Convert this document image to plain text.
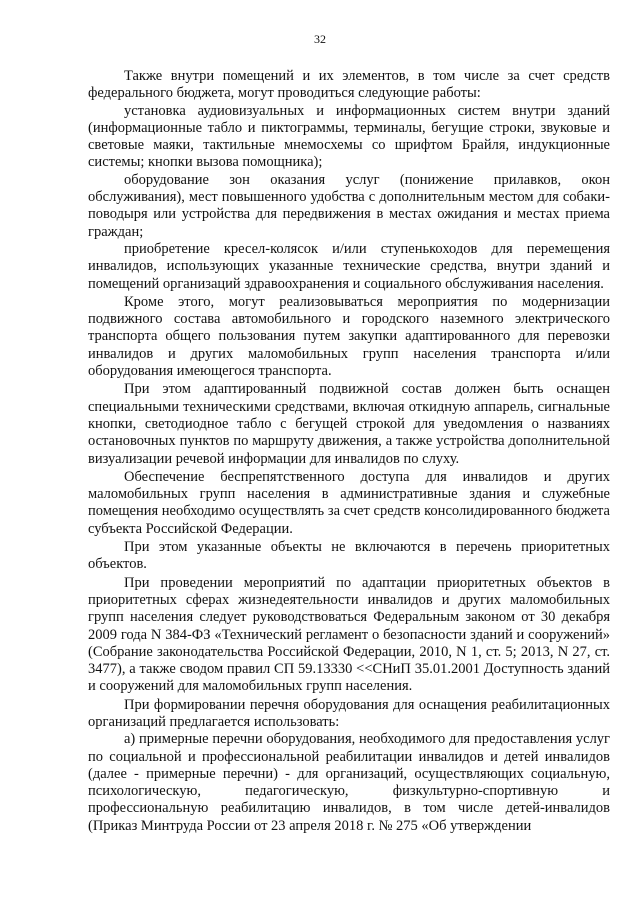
32

Также внутри помещений и их элементов, в том числе за счет средств федерального бюджета, могут проводиться следующие работы:

установка аудиовизуальных и информационных систем внутри зданий (информационные табло и пиктограммы, терминалы, бегущие строки, звуковые и световые маяки, тактильные мнемосхемы со шрифтом Брайля, индукционные системы; кнопки вызова помощника);

оборудование зон оказания услуг (понижение прилавков, окон обслуживания), мест повышенного удобства с дополнительным местом для собаки-поводыря или устройства для передвижения в местах ожидания и местах приема граждан;

приобретение кресел-колясок и/или ступенькоходов для перемещения инвалидов, использующих указанные технические средства, внутри зданий и помещений организаций здравоохранения и социального обслуживания населения.

Кроме этого, могут реализовываться мероприятия по модернизации подвижного состава автомобильного и городского наземного электрического транспорта общего пользования путем закупки адаптированного для перевозки инвалидов и других маломобильных групп населения транспорта и/или оборудования имеющегося транспорта.

При этом адаптированный подвижной состав должен быть оснащен специальными техническими средствами, включая откидную аппарель, сигнальные кнопки, светодиодное табло с бегущей строкой для уведомления о названиях остановочных пунктов по маршруту движения, а также устройства дополнительной визуализации речевой информации для инвалидов по слуху.

Обеспечение беспрепятственного доступа для инвалидов и других маломобильных групп населения в административные здания и служебные помещения необходимо осуществлять за счет средств консолидированного бюджета субъекта Российской Федерации.

При этом указанные объекты не включаются в перечень приоритетных объектов.

При проведении мероприятий по адаптации приоритетных объектов в приоритетных сферах жизнедеятельности инвалидов и других маломобильных групп населения следует руководствоваться Федеральным законом от 30 декабря 2009 года N 384-ФЗ «Технический регламент о безопасности зданий и сооружений» (Собрание законодательства Российской Федерации, 2010, N 1, ст. 5; 2013, N 27, ст. 3477), а также сводом правил СП 59.13330 <<СНиП 35.01.2001 Доступность зданий и сооружений для маломобильных групп населения.

При формировании перечня оборудования для оснащения реабилитационных организаций предлагается использовать:

а) примерные перечни оборудования, необходимого для предоставления услуг по социальной и профессиональной реабилитации инвалидов и детей инвалидов (далее - примерные перечни) - для организаций, осуществляющих социальную, психологическую, педагогическую, физкультурно-спортивную и профессиональную реабилитацию инвалидов, в том числе детей-инвалидов (Приказ Минтруда России от 23 апреля 2018 г. № 275 «Об утверждении
